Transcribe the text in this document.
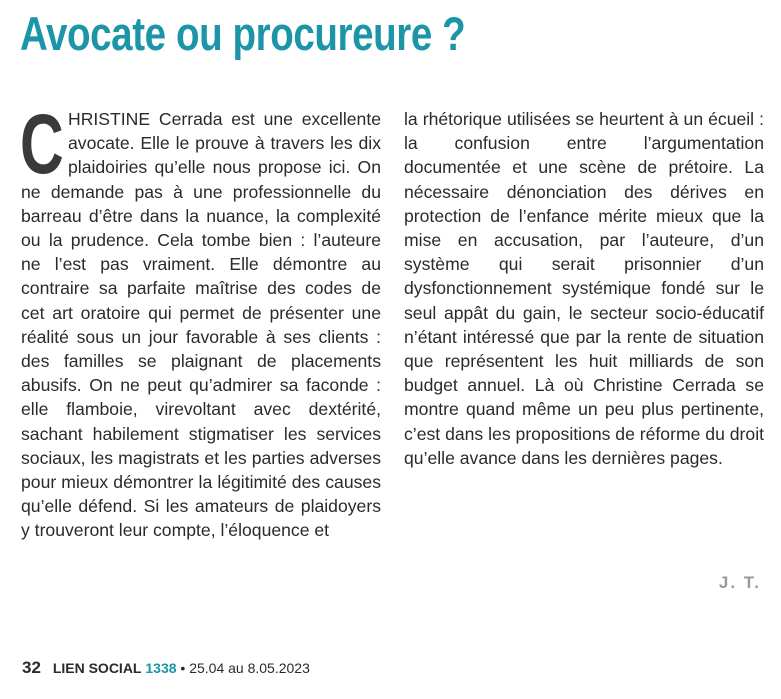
Avocate ou procureure ?
C HRISTINE Cerrada est une excellente avocate. Elle le prouve à travers les dix plaidoiries qu’elle nous propose ici. On ne demande pas à une professionnelle du barreau d’être dans la nuance, la complexité ou la prudence. Cela tombe bien : l’auteure ne l’est pas vraiment. Elle démontre au contraire sa parfaite maîtrise des codes de cet art oratoire qui permet de présenter une réalité sous un jour favorable à ses clients : des familles se plaignant de placements abusifs. On ne peut qu’admirer sa faconde : elle flamboie, virevoltant avec dextérité, sachant habilement stigmatiser les services sociaux, les magistrats et les parties adverses pour mieux démontrer la légitimité des causes qu’elle défend. Si les amateurs de plaidoyers y trouveront leur compte, l’éloquence et

la rhétorique utilisées se heurtent à un écueil : la confusion entre l’argumentation documentée et une scène de prétoire. La nécessaire dénonciation des dérives en protection de l’enfance mérite mieux que la mise en accusation, par l’auteure, d’un système qui serait prisonnier d’un dysfonctionnement systémique fondé sur le seul appât du gain, le secteur socio-éducatif n’étant intéressé que par la rente de situation que représentent les huit milliards de son budget annuel. Là où Christine Cerrada se montre quand même un peu plus pertinente, c’est dans les propositions de réforme du droit qu’elle avance dans les dernières pages.

J. T.
32 LIEN SOCIAL 1338 • 25.04 au 8.05.2023
